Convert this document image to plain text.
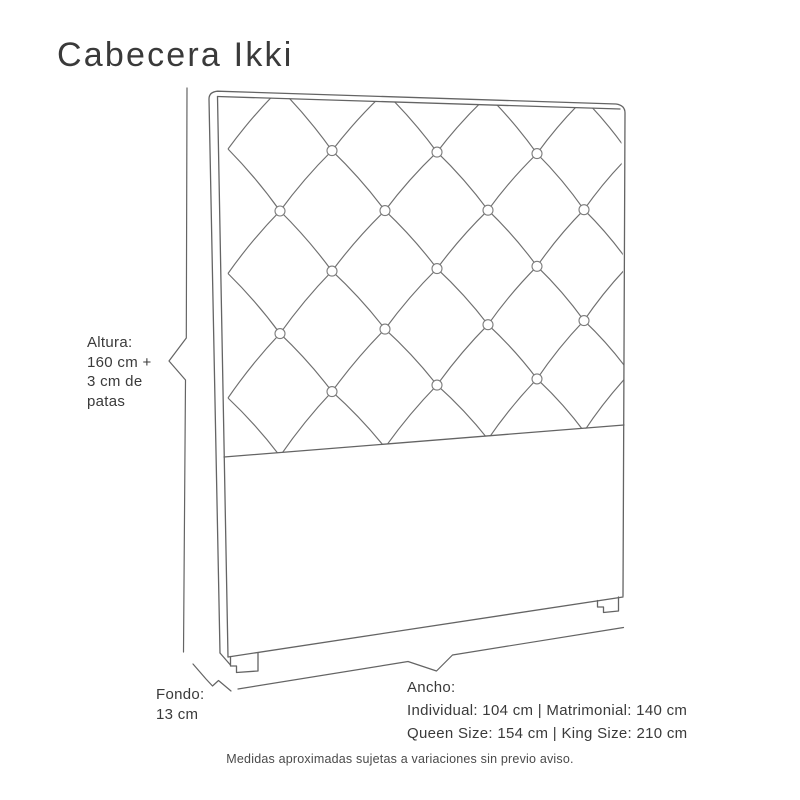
Cabecera Ikki
Altura:
160 cm +
3 cm de
patas
Fondo:
13 cm
Ancho:
Individual: 104 cm | Matrimonial: 140 cm
Queen Size: 154 cm | King Size: 210 cm
Medidas aproximadas sujetas a variaciones sin previo aviso.
